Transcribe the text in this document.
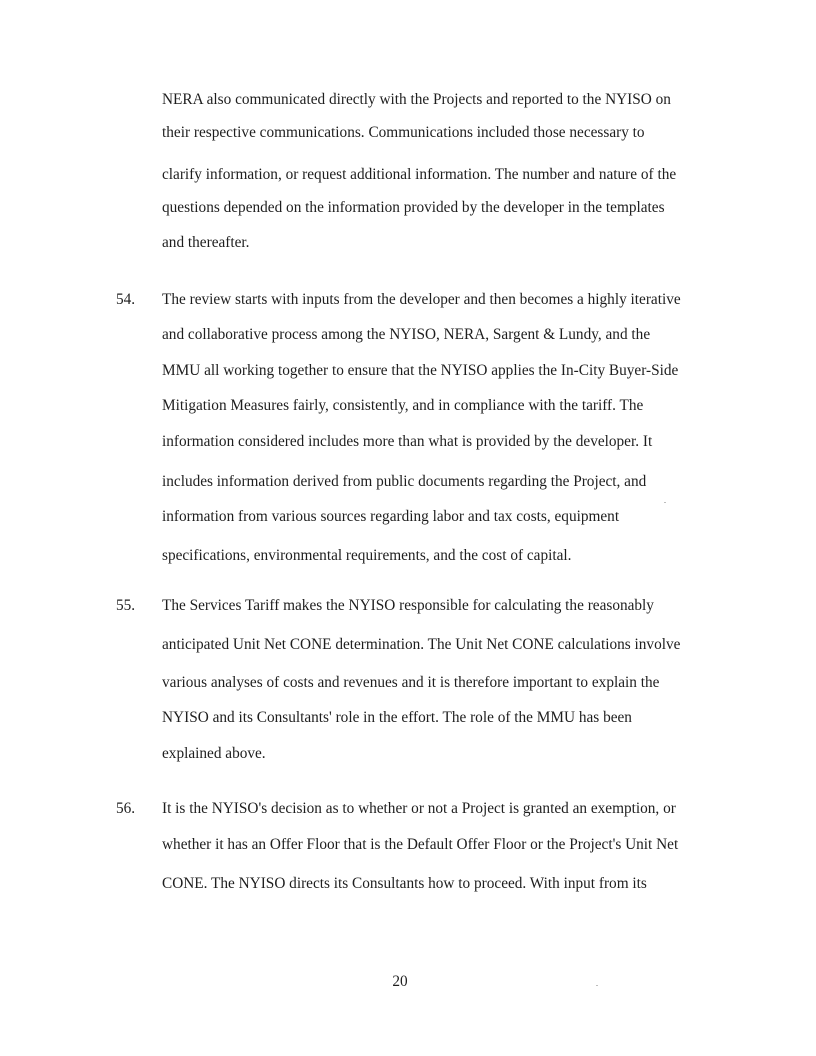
NERA also communicated directly with the Projects and reported to the NYISO on
their respective communications. Communications included those necessary to
clarify information, or request additional information. The number and nature of the
questions depended on the information provided by the developer in the templates
and thereafter.
54. The review starts with inputs from the developer and then becomes a highly iterative
and collaborative process among the NYISO, NERA, Sargent & Lundy, and the
MMU all working together to ensure that the NYISO applies the In-City Buyer-Side
Mitigation Measures fairly, consistently, and in compliance with the tariff. The
information considered includes more than what is provided by the developer. It
includes information derived from public documents regarding the Project, and
information from various sources regarding labor and tax costs, equipment
specifications, environmental requirements, and the cost of capital.
55. The Services Tariff makes the NYISO responsible for calculating the reasonably
anticipated Unit Net CONE determination. The Unit Net CONE calculations involve
various analyses of costs and revenues and it is therefore important to explain the
NYISO and its Consultants' role in the effort. The role of the MMU has been
explained above.
56. It is the NYISO's decision as to whether or not a Project is granted an exemption, or
whether it has an Offer Floor that is the Default Offer Floor or the Project's Unit Net
CONE. The NYISO directs its Consultants how to proceed. With input from its
20
